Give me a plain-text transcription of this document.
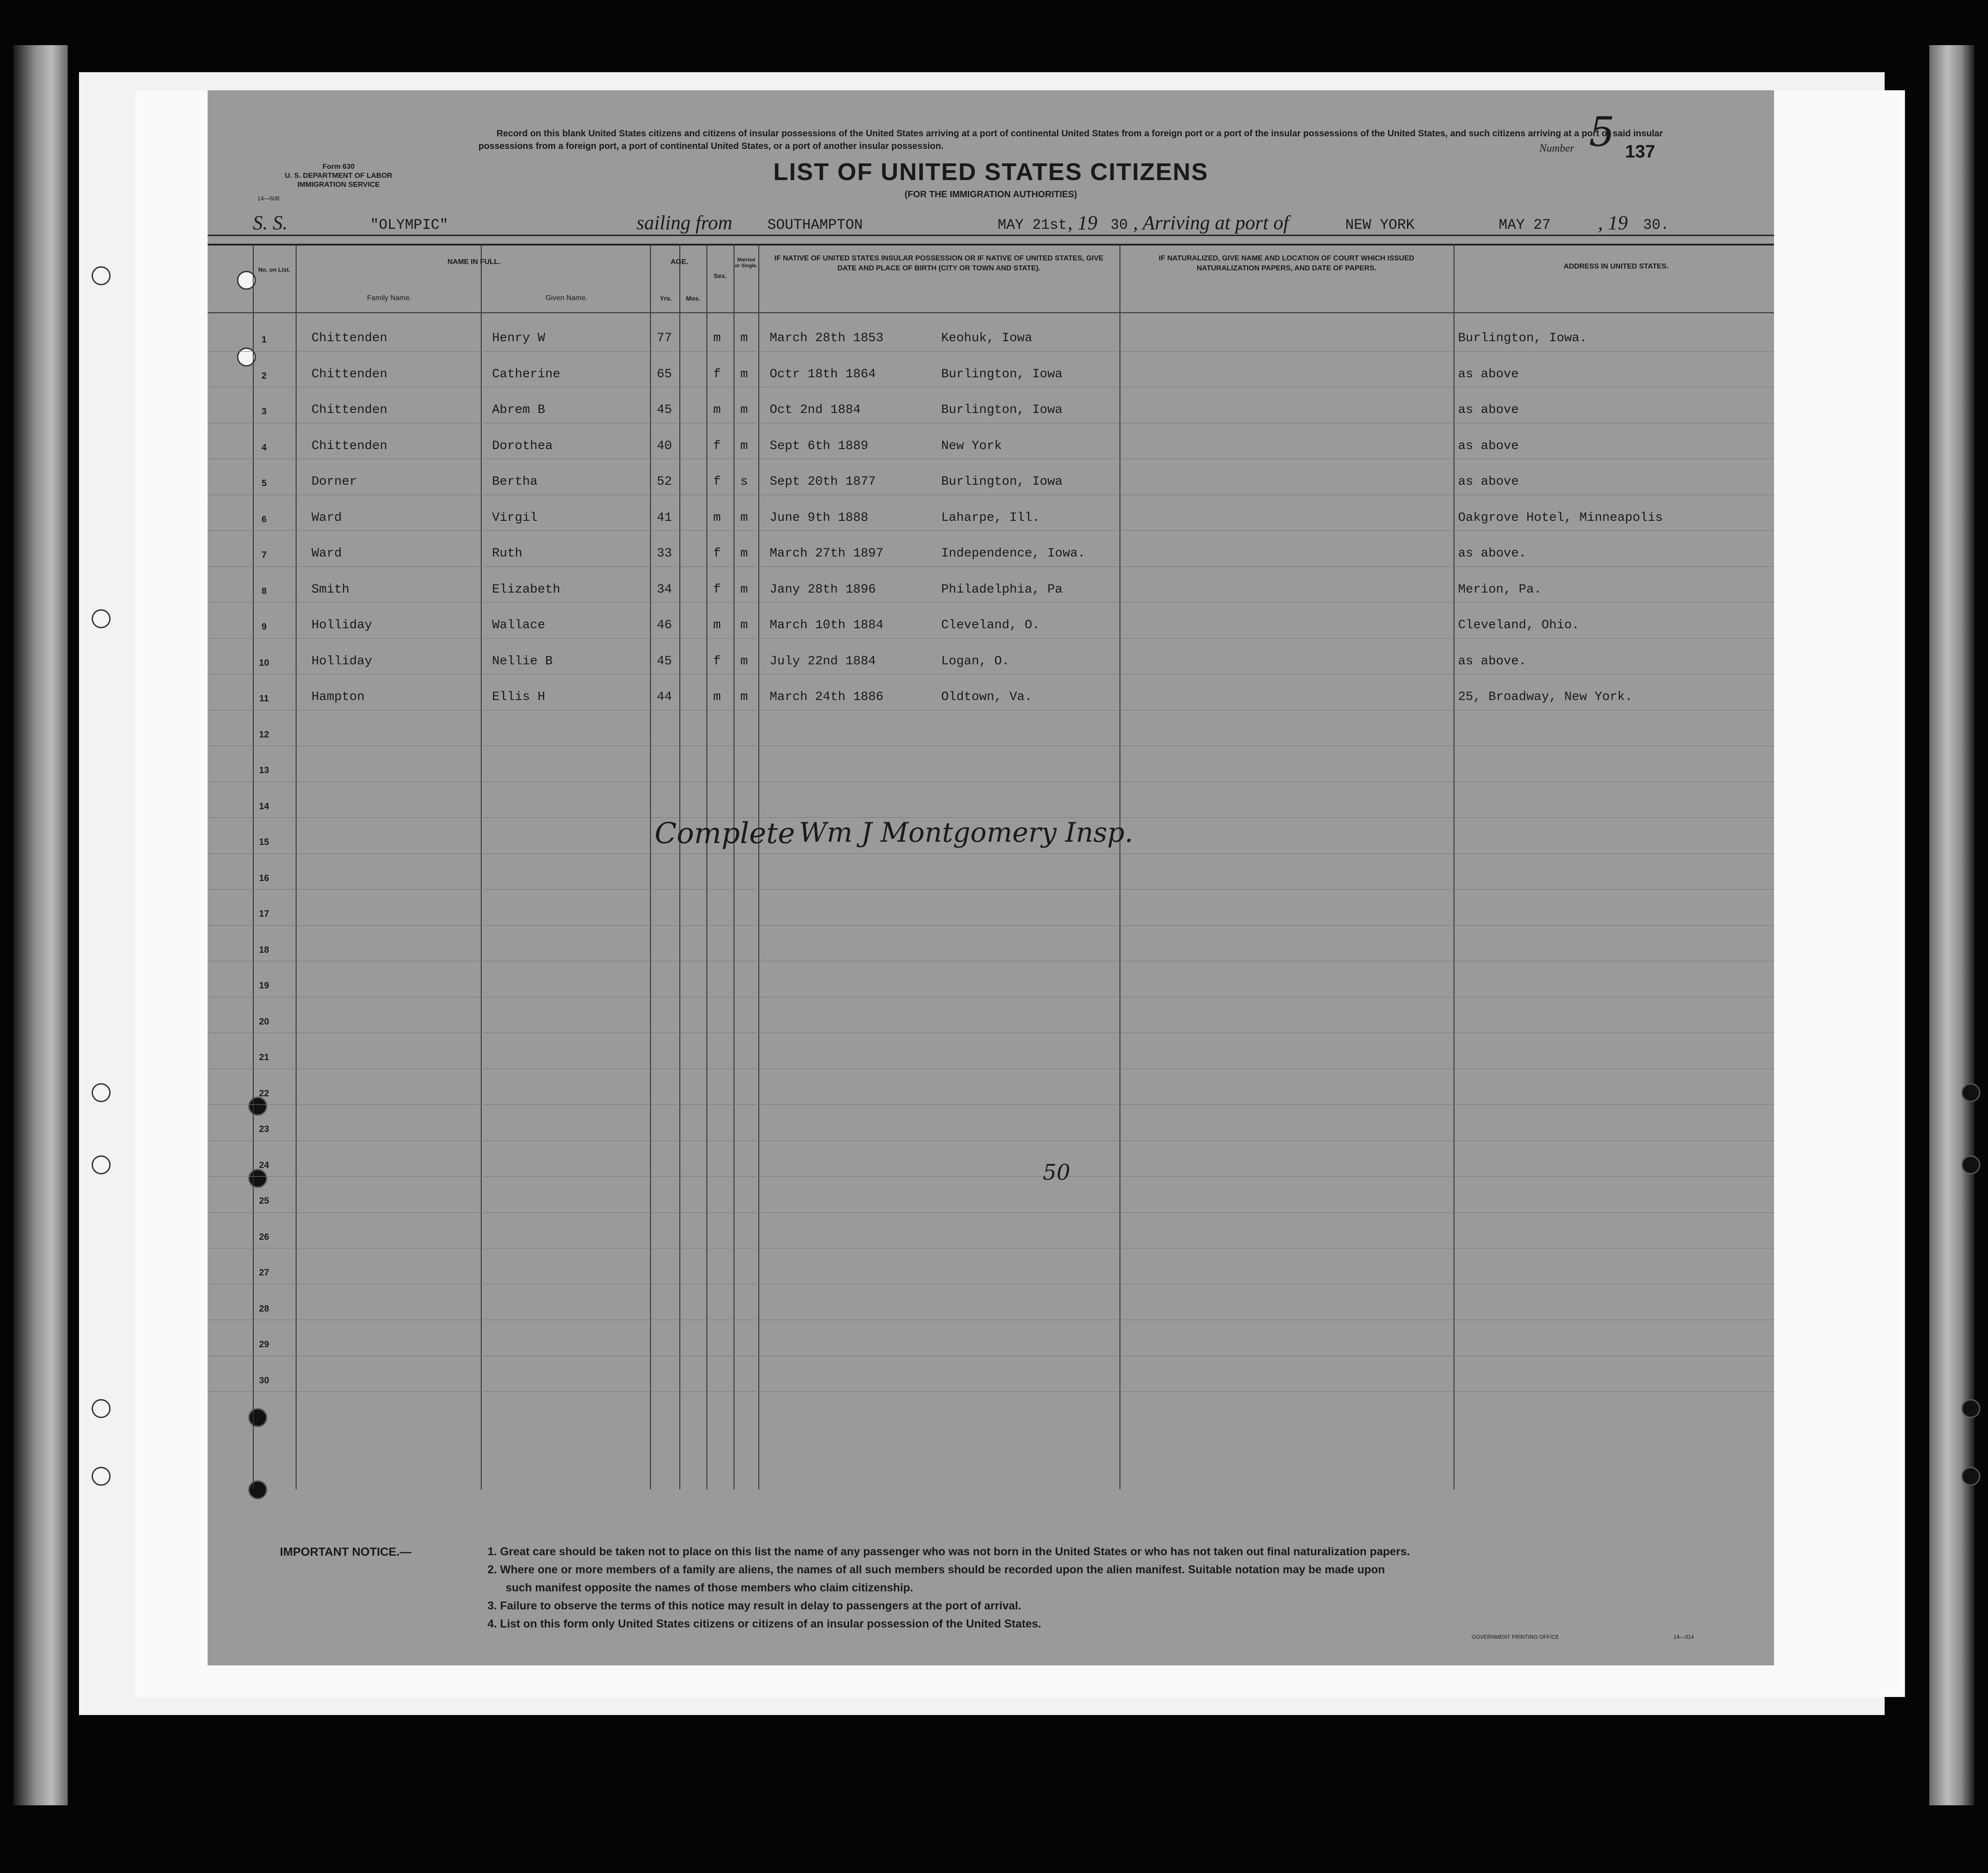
Form 630
U. S. DEPARTMENT OF LABOR
IMMIGRATION SERVICE
14—608
Record on this blank United States citizens and citizens of insular possessions of the United States arriving at a port of continental United States from a foreign port or a port of the insular possessions of the United States, and such citizens arriving at a port of said insular possessions from a foreign port, a port of continental United States, or a port of another insular possession.	Number 5 137
LIST OF UNITED STATES CITIZENS
(FOR THE IMMIGRATION AUTHORITIES)
S. S.	"OLYMPIC"	sailing from SOUTHAMPTON	MAY 21st , 19 30 , Arriving at port of	NEW YORK	MAY 27 , 19 30.
No. on List.
NAME IN FULL.
Family Name.	Given Name.
AGE.
Yrs.	Mos.
Sex.
Married or Single.
IF NATIVE OF UNITED STATES INSULAR POSSESSION OR IF NATIVE OF UNITED STATES, GIVE DATE AND PLACE OF BIRTH (CITY OR TOWN AND STATE).
IF NATURALIZED, GIVE NAME AND LOCATION OF COURT WHICH ISSUED NATURALIZATION PAPERS, AND DATE OF PAPERS.	ADDRESS IN UNITED STATES.
1	Chittenden	Henry W	77	m m March 28th 1853	Keohuk, Iowa	Burlington, Iowa.
2	Chittenden	Catherine	65	f m Octr 18th 1864	Burlington, Iowa	as above
3	Chittenden	Abrem B	45	m m Oct 2nd 1884	Burlington, Iowa	as above
4	Chittenden	Dorothea	40	f m Sept 6th 1889	New York	as above
5	Dorner	Bertha	52	f s Sept 20th 1877	Burlington, Iowa	as above
6	Ward	Virgil	41	m m June 9th 1888	Laharpe, Ill.	Oakgrove Hotel, Minneapolis
7	Ward	Ruth	33	f m March 27th 1897	Independence, Iowa.	as above.
8	Smith	Elizabeth	34	f m Jany 28th 1896	Philadelphia, Pa	Merion, Pa.
9	Holliday	Wallace	46	m m March 10th 1884	Cleveland, O.	Cleveland, Ohio.
10	Holliday	Nellie B	45	f m July 22nd 1884	Logan, O.	as above.
11	Hampton	Ellis H	44	m m March 24th 1886	Oldtown, Va.	25, Broadway, New York.
12
13
14
15
16
17
18
19
20
21
22
23
24
25
26
27
28
29
30
Complete Wm J Montgomery Insp.
50
IMPORTANT NOTICE.—	1. Great care should be taken not to place on this list the name of any passenger who was not born in the United States or who has not taken out final naturalization papers.
2. Where one or more members of a family are aliens, the names of all such members should be recorded upon the alien manifest. Suitable notation may be made upon
such manifest opposite the names of those members who claim citizenship.
3. Failure to observe the terms of this notice may result in delay to passengers at the port of arrival.
4. List on this form only United States citizens or citizens of an insular possession of the United States.
GOVERNMENT PRINTING OFFICE	14—314
